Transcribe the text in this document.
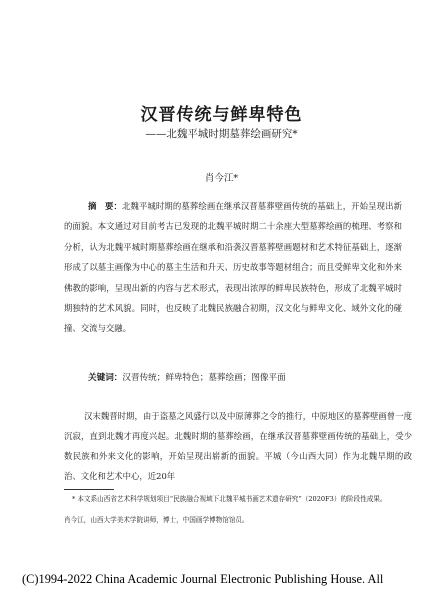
汉晋传统与鲜卑特色
——北魏平城时期墓葬绘画研究*
肖今江*
摘　要：北魏平城时期的墓葬绘画在继承汉晋墓葬壁画传统的基础上，开始呈现出新的面貌。本文通过对目前考古已发现的北魏平城时期二十余座大型墓葬绘画的梳理、考察和分析，认为北魏平城时期墓葬绘画在继承和沿袭汉晋墓葬壁画题材和艺术特征基础上，逐渐形成了以墓主画像为中心的墓主生活和升天、历史故事等题材组合；而且受鲜卑文化和外来佛教的影响，呈现出新的内容与艺术形式，表现出浓厚的鲜卑民族特色，形成了北魏平城时期独特的艺术风貌。同时，也反映了北魏民族融合初期，汉文化与鲜卑文化、域外文化的碰撞、交流与交融。
关键词：汉晋传统；鲜卑特色；墓葬绘画；图像平面
汉末魏晋时期，由于盗墓之风盛行以及中原薄葬之令的推行，中原地区的墓葬壁画曾一度沉寂，直到北魏才再度兴起。北魏时期的墓葬绘画，在继承汉晋墓葬壁画传统的基础上，受少数民族和外来文化的影响，开始呈现出崭新的面貌。平城（今山西大同）作为北魏早期的政治、文化和艺术中心，近20年
* 本文系山西省艺术科学规划项目“民族融合视域下北魏平城书画艺术遗存研究”（2020F3）的阶段性成果。
肖今江，山西大学美术学院讲师，博士，中国画学博物馆馆员。
(C)1994-2022 China Academic Journal Electronic Publishing House. All
